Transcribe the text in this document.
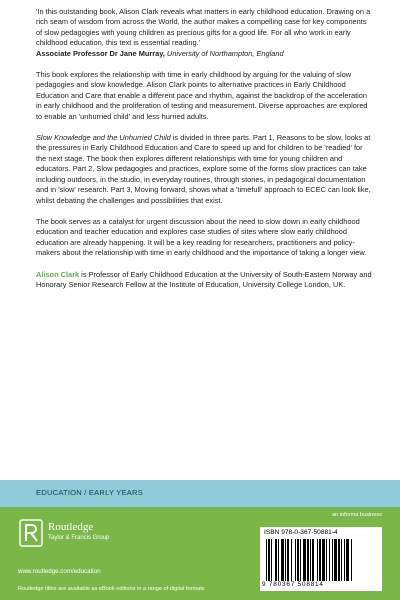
'In this outstanding book, Alison Clark reveals what matters in early childhood education. Drawing on a rich seam of wisdom from across the World, the author makes a compelling case for key components of slow pedagogies with young children as precious gifts for a good life. For all who work in early childhood education, this text is essential reading.'
Associate Professor Dr Jane Murray, University of Northampton, England

This book explores the relationship with time in early childhood by arguing for the valuing of slow pedagogies and slow knowledge. Alison Clark points to alternative practices in Early Childhood Education and Care that enable a different pace and rhythm, against the backdrop of the acceleration in early childhood and the proliferation of testing and measurement. Diverse approaches are explored to enable an 'unhurried child' and less hurried adults.

Slow Knowledge and the Unhurried Child is divided in three parts. Part 1, Reasons to be slow, looks at the pressures in Early Childhood Education and Care to speed up and for children to be 'readied' for the next stage. The book then explores different relationships with time for young children and educators. Part 2, Slow pedagogies and practices, explore some of the forms slow practices can take including outdoors, in the studio, in everyday routines, through stories, in pedagogical documentation and in 'slow' research. Part 3, Moving forward, shows what a 'timefull' approach to ECEC can look like, whilst debating the challenges and possibilities that exist.

The book serves as a catalyst for urgent discussion about the need to slow down in early childhood education and teacher education and explores case studies of sites where slow early childhood education are already happening. It will be a key reading for researchers, practitioners and policy-makers about the relationship with time in early childhood and the importance of taking a longer view.

Alison Clark is Professor of Early Childhood Education at the University of South-Eastern Norway and Honorary Senior Research Fellow at the Institute of Education, University College London, UK.

EDUCATION / EARLY YEARS
an informa business
Routledge
Taylor & Francis Group
www.routledge.com/education
Routledge titles are available as eBook editions in a range of digital formats
ISBN 978-0-367-50881-4
9 780367 508814
